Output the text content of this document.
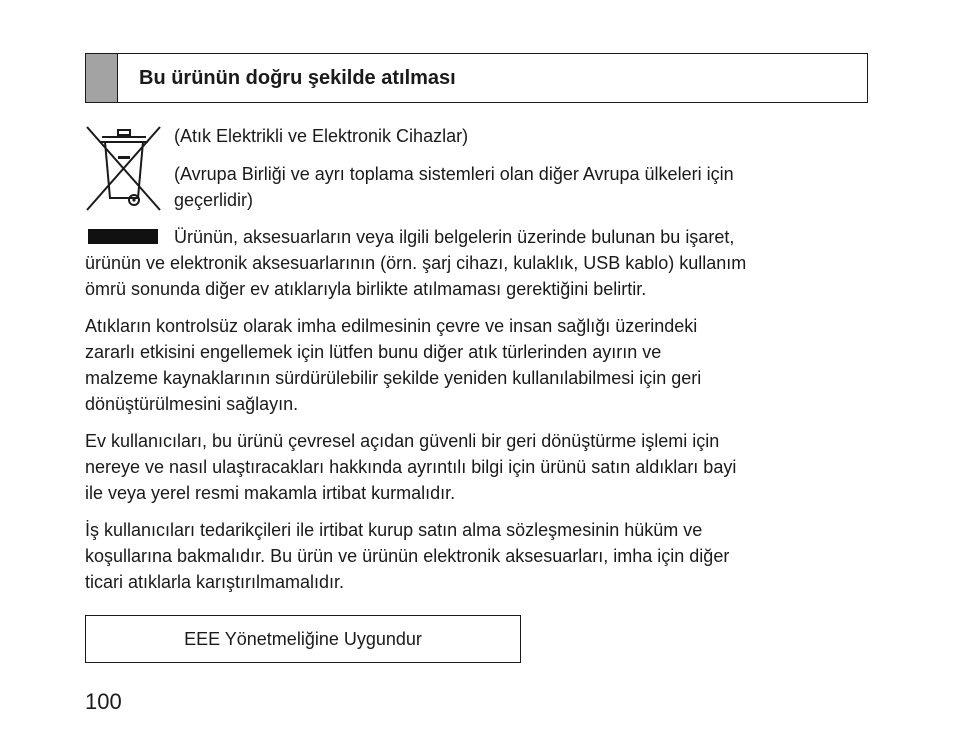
Bu ürünün doğru şekilde atılması
(Atık Elektrikli ve Elektronik Cihazlar)
(Avrupa Birliği ve ayrı toplama sistemleri olan diğer Avrupa ülkeleri için
geçerlidir)
Ürünün, aksesuarların veya ilgili belgelerin üzerinde bulunan bu işaret,
ürünün ve elektronik aksesuarlarının (örn. şarj cihazı, kulaklık, USB kablo) kullanım
ömrü sonunda diğer ev atıklarıyla birlikte atılmaması gerektiğini belirtir.
Atıkların kontrolsüz olarak imha edilmesinin çevre ve insan sağlığı üzerindeki
zararlı etkisini engellemek için lütfen bunu diğer atık türlerinden ayırın ve
malzeme kaynaklarının sürdürülebilir şekilde yeniden kullanılabilmesi için geri
dönüştürülmesini sağlayın.
Ev kullanıcıları, bu ürünü çevresel açıdan güvenli bir geri dönüştürme işlemi için
nereye ve nasıl ulaştıracakları hakkında ayrıntılı bilgi için ürünü satın aldıkları bayi
ile veya yerel resmi makamla irtibat kurmalıdır.
İş kullanıcıları tedarikçileri ile irtibat kurup satın alma sözleşmesinin hüküm ve
koşullarına bakmalıdır. Bu ürün ve ürünün elektronik aksesuarları, imha için diğer
ticari atıklarla karıştırılmamalıdır.
EEE Yönetmeliğine Uygundur
100
